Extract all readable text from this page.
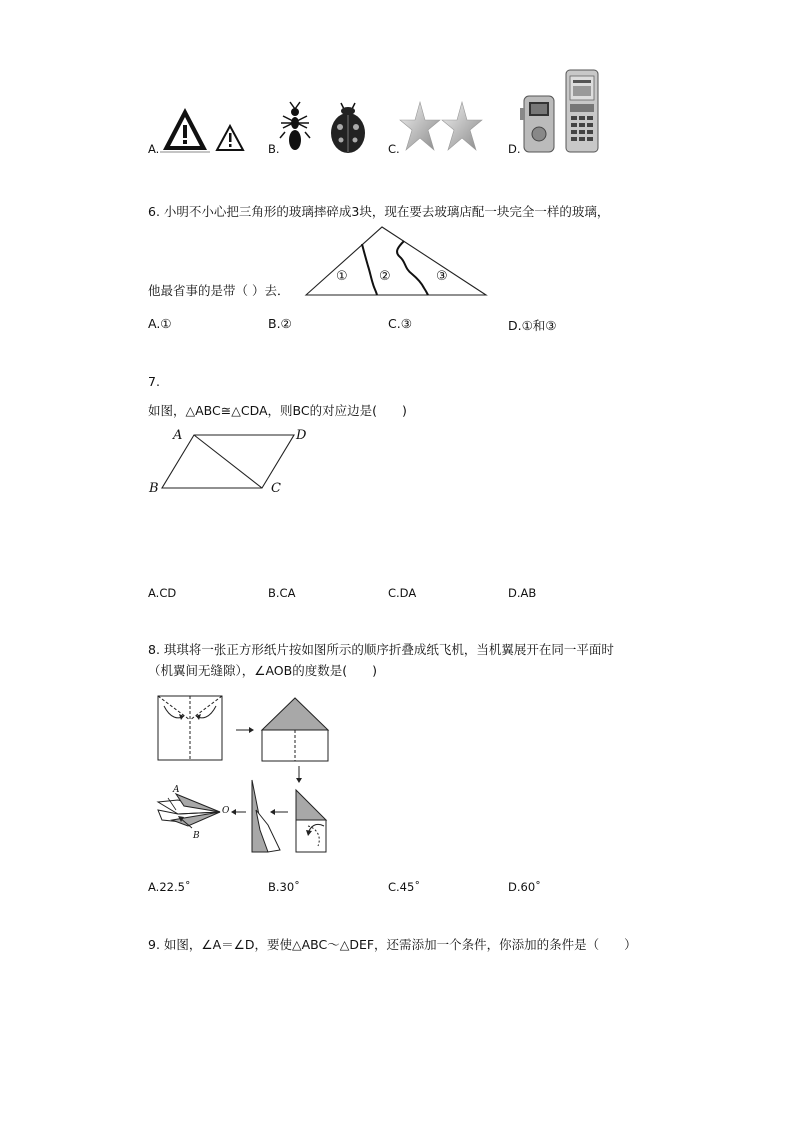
A.	B.	C.	D.
6. 小明不小心把三角形的玻璃摔碎成3块，现在要去玻璃店配一块完全一样的玻璃，
① ②	③
他最省事的是带（ ）去．
A.①	B.②	C.③	D.①和③
7.
如图，△ABC≅△CDA，则BC的对应边是(　　)
A	D
B	C
A.CD	B.CA	C.DA	D.AB
8. 琪琪将一张正方形纸片按如图所示的顺序折叠成纸飞机，当机翼展开在同一平面时
（机翼间无缝隙），∠AOB的度数是(　　)
A
B
O
A.22.5˚	B.30˚	C.45˚	D.60˚
9. 如图，∠A＝∠D，要使△ABC～△DEF，还需添加一个条件，你添加的条件是（　　）
